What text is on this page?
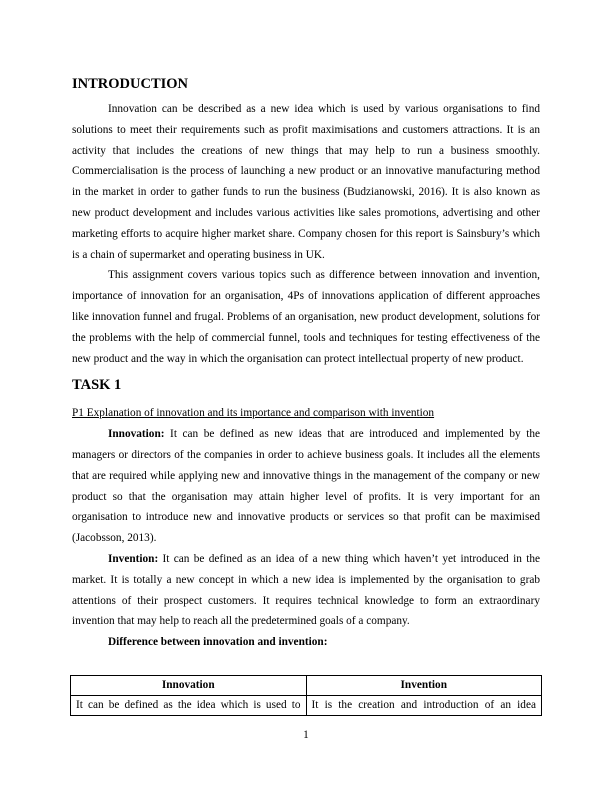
INTRODUCTION

Innovation can be described as a new idea which is used by various organisations to find solutions to meet their requirements such as profit maximisations and customers attractions. It is an activity that includes the creations of new things that may help to run a business smoothly. Commercialisation is the process of launching a new product or an innovative manufacturing method in the market in order to gather funds to run the business (Budzianowski, 2016). It is also known as new product development and includes various activities like sales promotions, advertising and other marketing efforts to acquire higher market share. Company chosen for this report is Sainsbury’s which is a chain of supermarket and operating business in UK.

This assignment covers various topics such as difference between innovation and invention, importance of innovation for an organisation, 4Ps of innovations application of different approaches like innovation funnel and frugal. Problems of an organisation, new product development, solutions for the problems with the help of commercial funnel, tools and techniques for testing effectiveness of the new product and the way in which the organisation can protect intellectual property of new product.

TASK 1

P1 Explanation of innovation and its importance and comparison with invention

Innovation: It can be defined as new ideas that are introduced and implemented by the managers or directors of the companies in order to achieve business goals. It includes all the elements that are required while applying new and innovative things in the management of the company or new product so that the organisation may attain higher level of profits. It is very important for an organisation to introduce new and innovative products or services so that profit can be maximised (Jacobsson, 2013).

Invention: It can be defined as an idea of a new thing which haven’t yet introduced in the market. It is totally a new concept in which a new idea is implemented by the organisation to grab attentions of their prospect customers. It requires technical knowledge to form an extraordinary invention that may help to reach all the predetermined goals of a company.

Difference between innovation and invention:

Innovation	Invention
It can be defined as the idea which is used to	It is the creation and introduction of an idea
1
